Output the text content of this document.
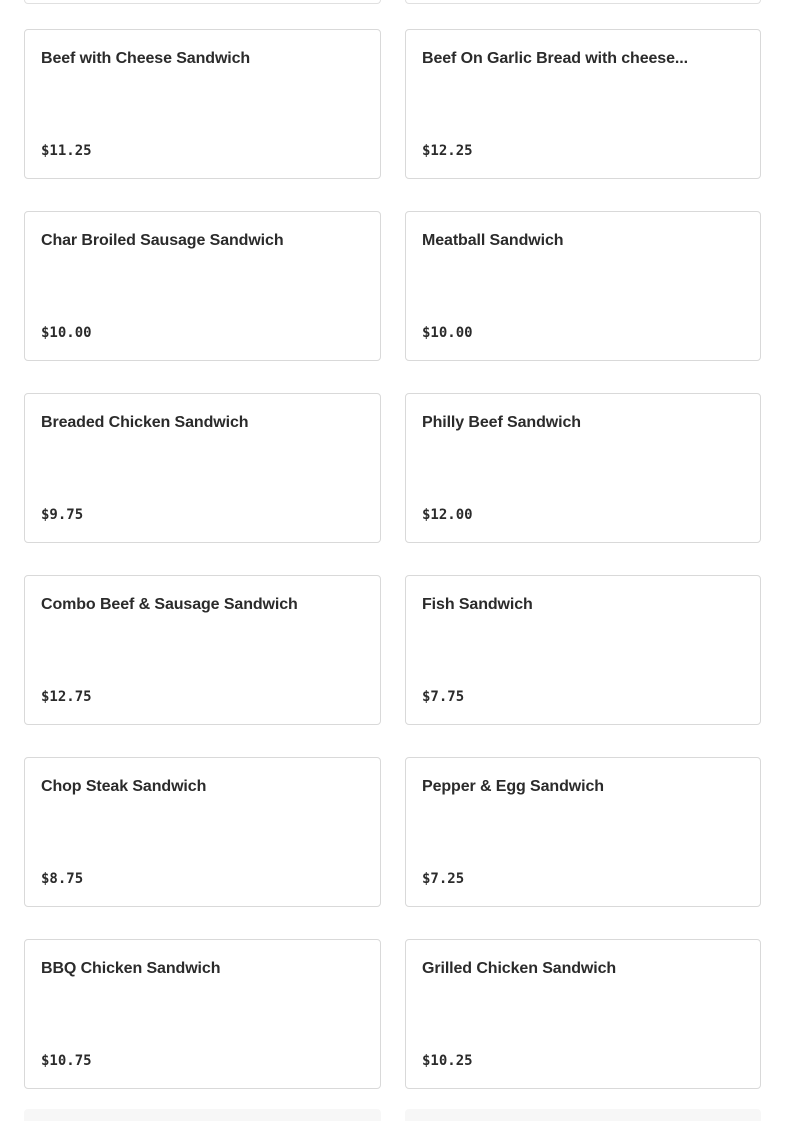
Beef with Cheese Sandwich
$11.25
Beef On Garlic Bread with cheese...
$12.25
Char Broiled Sausage Sandwich
$10.00
Meatball Sandwich
$10.00
Breaded Chicken Sandwich
$9.75
Philly Beef Sandwich
$12.00
Combo Beef & Sausage Sandwich
$12.75
Fish Sandwich
$7.75
Chop Steak Sandwich
$8.75
Pepper & Egg Sandwich
$7.25
BBQ Chicken Sandwich
$10.75
Grilled Chicken Sandwich
$10.25
